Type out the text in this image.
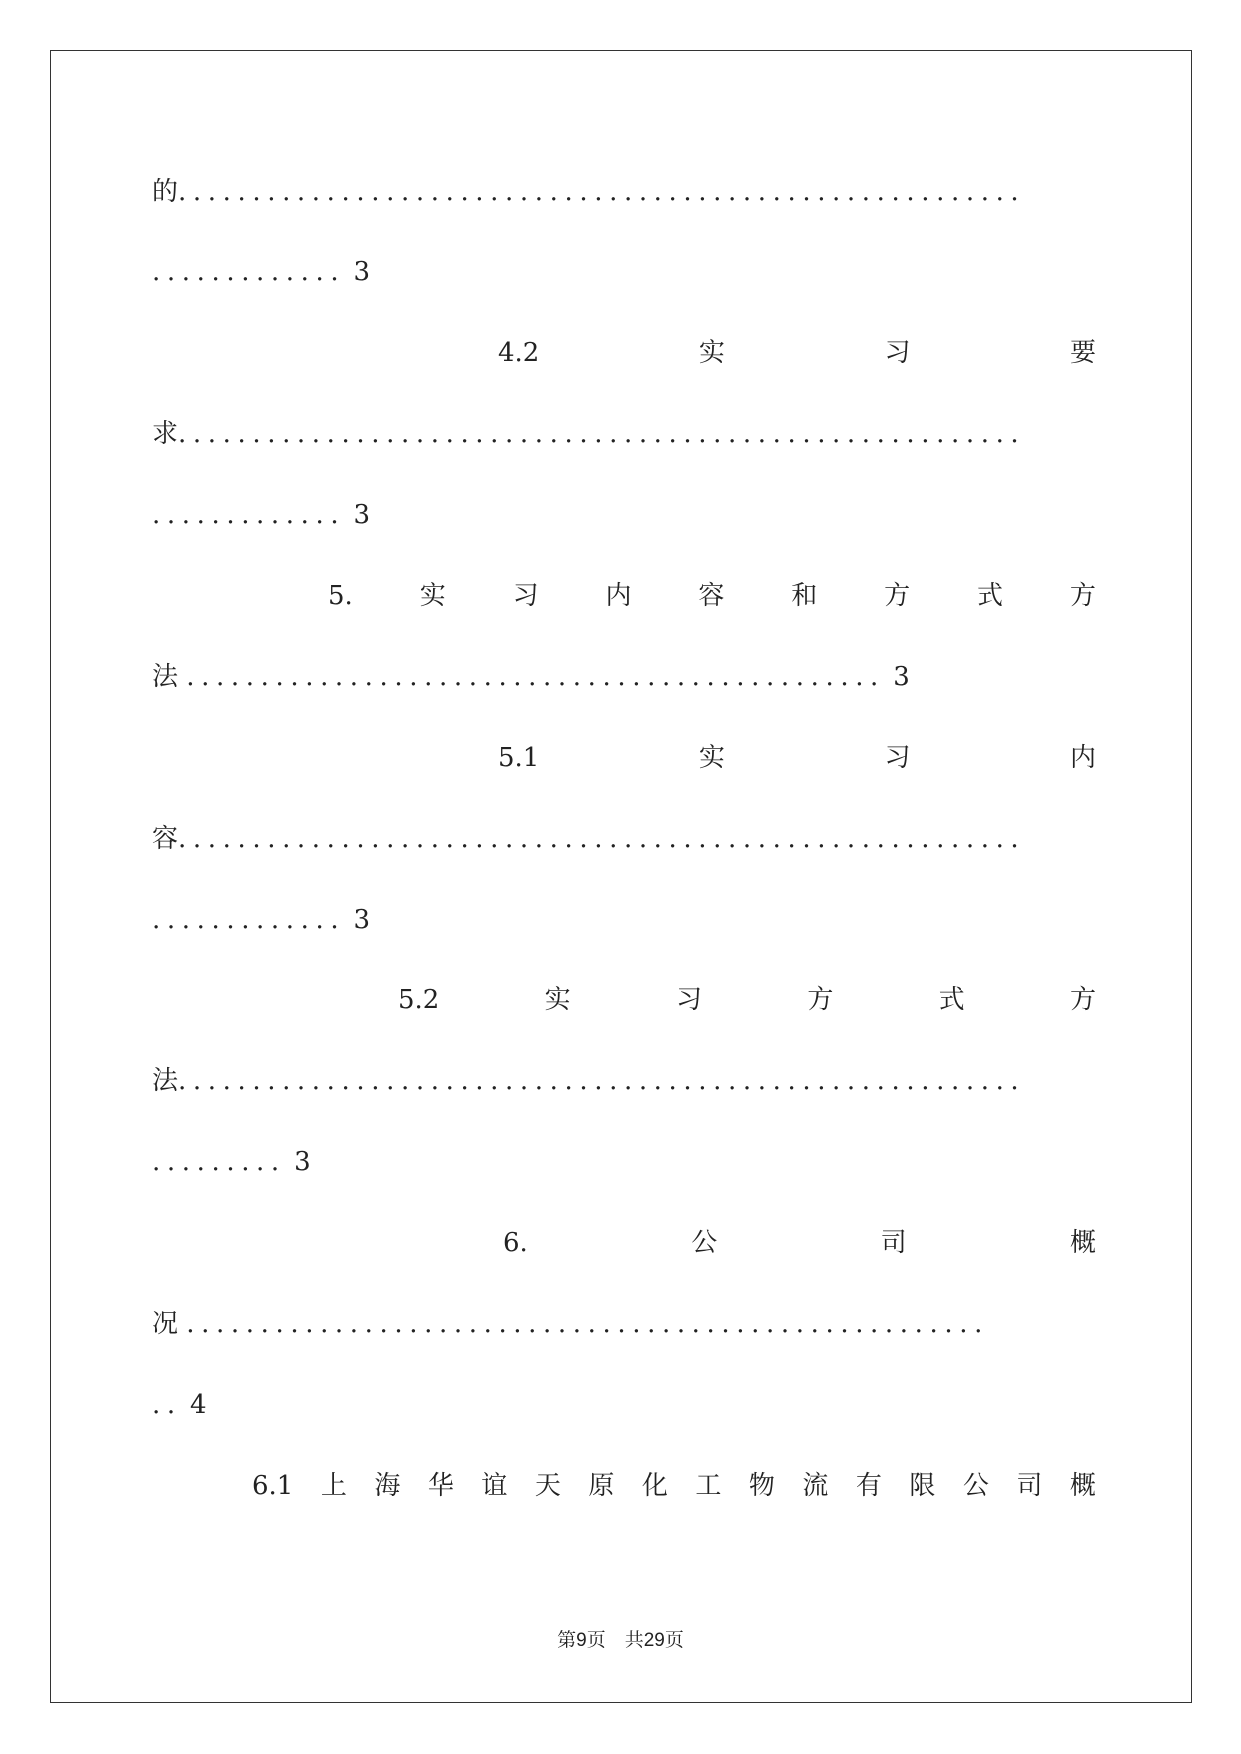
的.........................................................
............. 3
4.2	实	习	要
求.........................................................
............. 3
5.	实	习	内	容	和	方	式	方
法 ............................................... 3
5.1	实	习	内
容.........................................................
............. 3
5.2	实	习	方	式	方
法.........................................................
......... 3
6.	公	司	概
况 ......................................................
.. 4
6.1 上 海 华 谊 天 原 化 工 物 流 有 限 公 司 概
第9页　共29页
